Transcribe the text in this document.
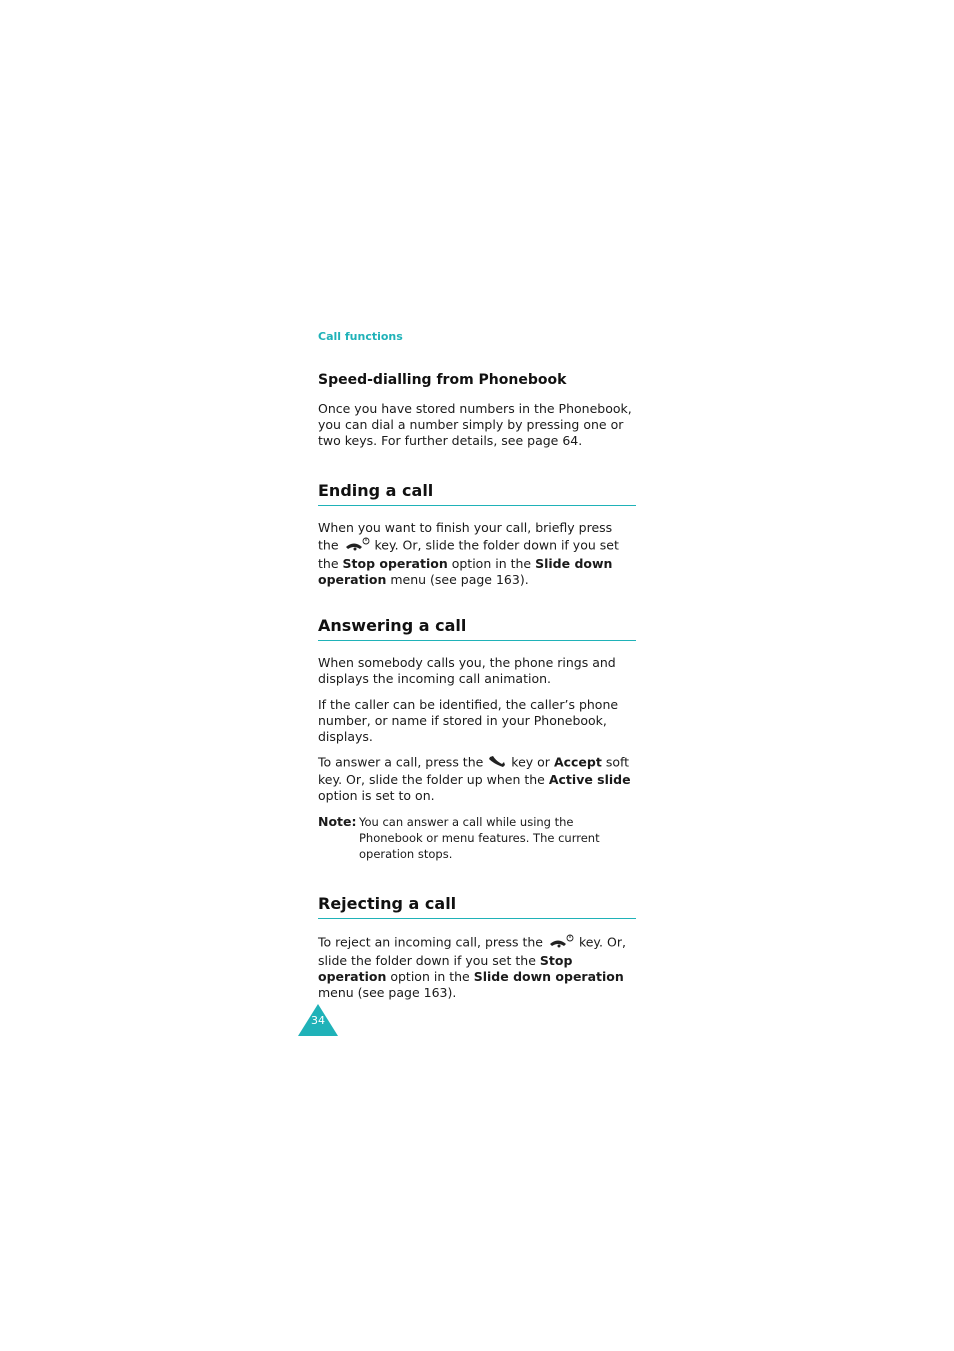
Call functions
Speed-dialling from Phonebook
Once you have stored numbers in the Phonebook, you can dial a number simply by pressing one or two keys. For further details, see page 64.
Ending a call
When you want to finish your call, briefly press the	key. Or, slide the folder down if you set the Stop operation option in the Slide down operation menu (see page 163).
Answering a call
When somebody calls you, the phone rings and displays the incoming call animation.
If the caller can be identified, the caller’s phone number, or name if stored in your Phonebook, displays.
To answer a call, press the key or Accept soft key. Or, slide the folder up when the Active slide option is set to on.
Note: You can answer a call while using the Phonebook or menu features. The current operation stops.
Rejecting a call
To reject an incoming call, press the	key. Or, slide the folder down if you set the Stop operation option in the Slide down operation menu (see page 163).
34
